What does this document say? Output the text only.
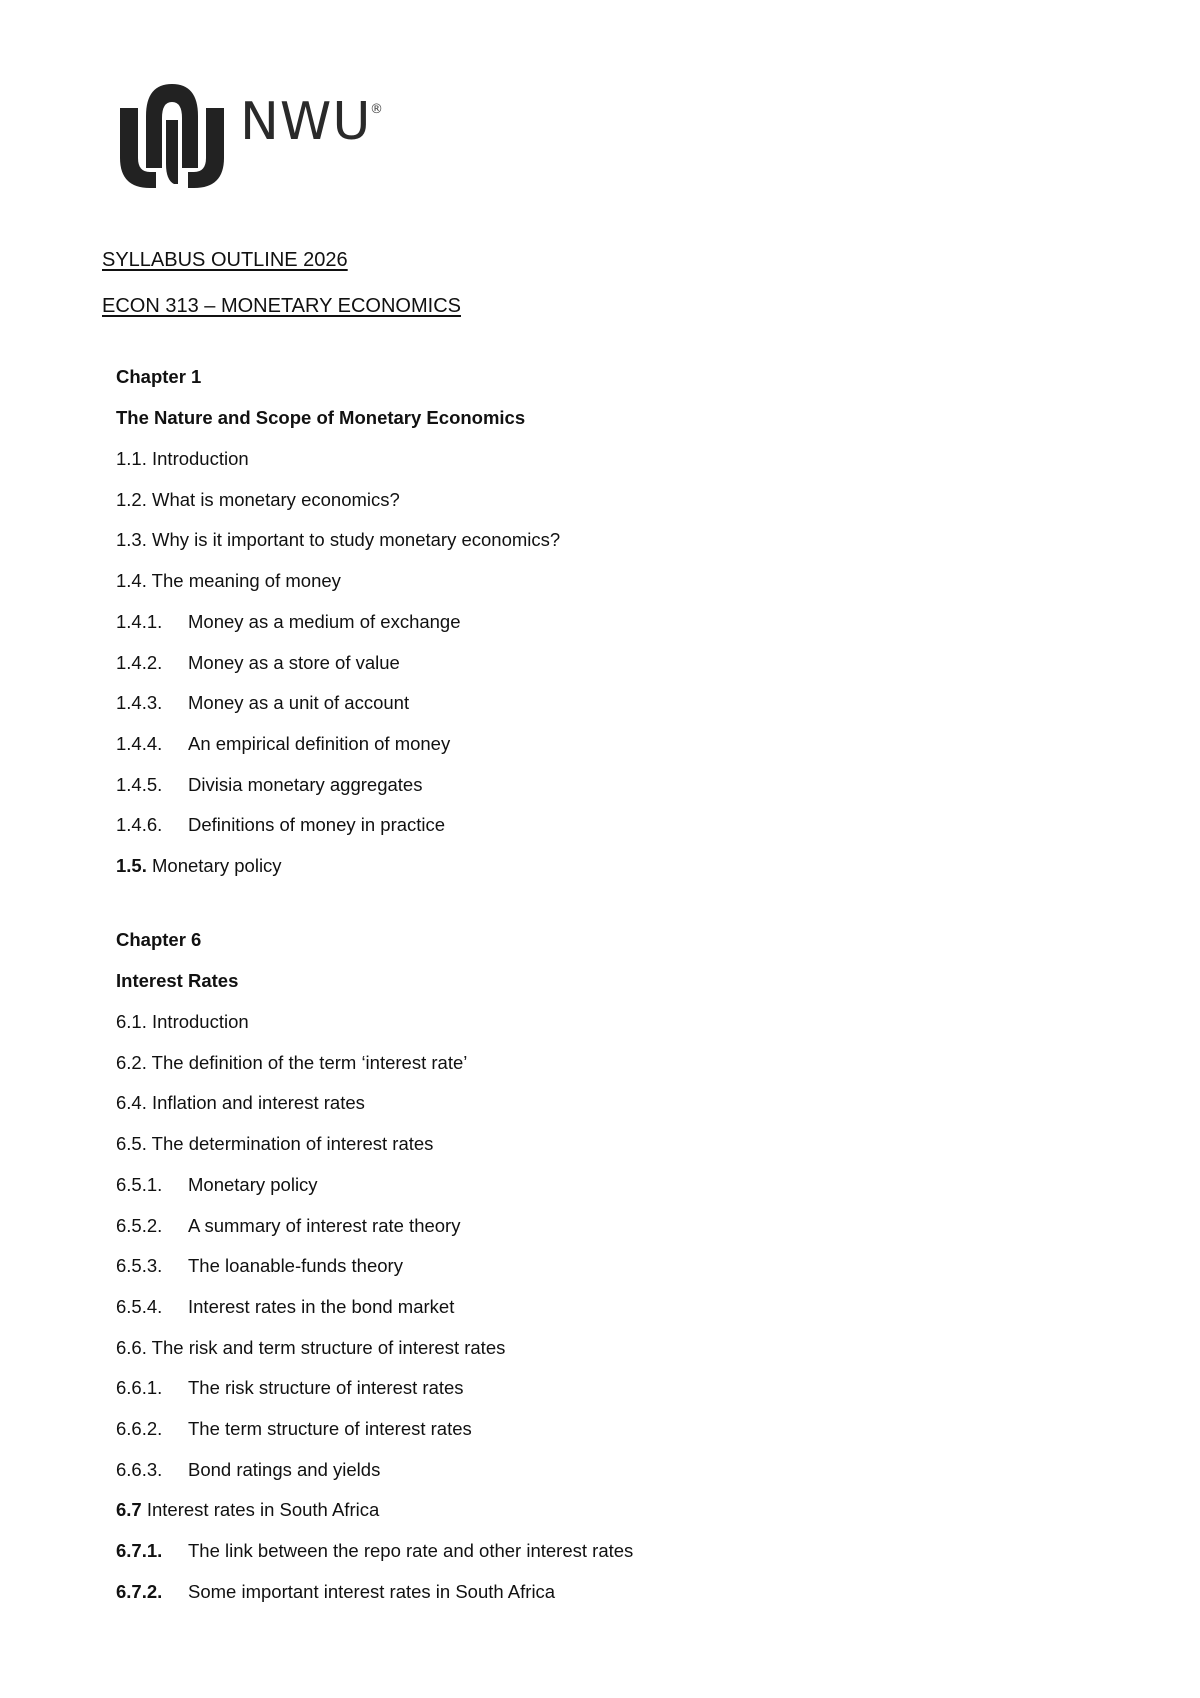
NWU
®
SYLLABUS OUTLINE 2026
ECON 313 – MONETARY ECONOMICS
Chapter 1
The Nature and Scope of Monetary Economics
1.1. Introduction
1.2. What is monetary economics?
1.3. Why is it important to study monetary economics?
1.4. The meaning of money
1.4.1. Money as a medium of exchange
1.4.2. Money as a store of value
1.4.3. Money as a unit of account
1.4.4. An empirical definition of money
1.4.5. Divisia monetary aggregates
1.4.6. Definitions of money in practice
1.5. Monetary policy
Chapter 6
Interest Rates
6.1. Introduction
6.2. The definition of the term ‘interest rate’
6.4. Inflation and interest rates
6.5. The determination of interest rates
6.5.1. Monetary policy
6.5.2. A summary of interest rate theory
6.5.3. The loanable-funds theory
6.5.4. Interest rates in the bond market
6.6. The risk and term structure of interest rates
6.6.1. The risk structure of interest rates
6.6.2. The term structure of interest rates
6.6.3. Bond ratings and yields
6.7 Interest rates in South Africa
6.7.1. The link between the repo rate and other interest rates
6.7.2. Some important interest rates in South Africa
